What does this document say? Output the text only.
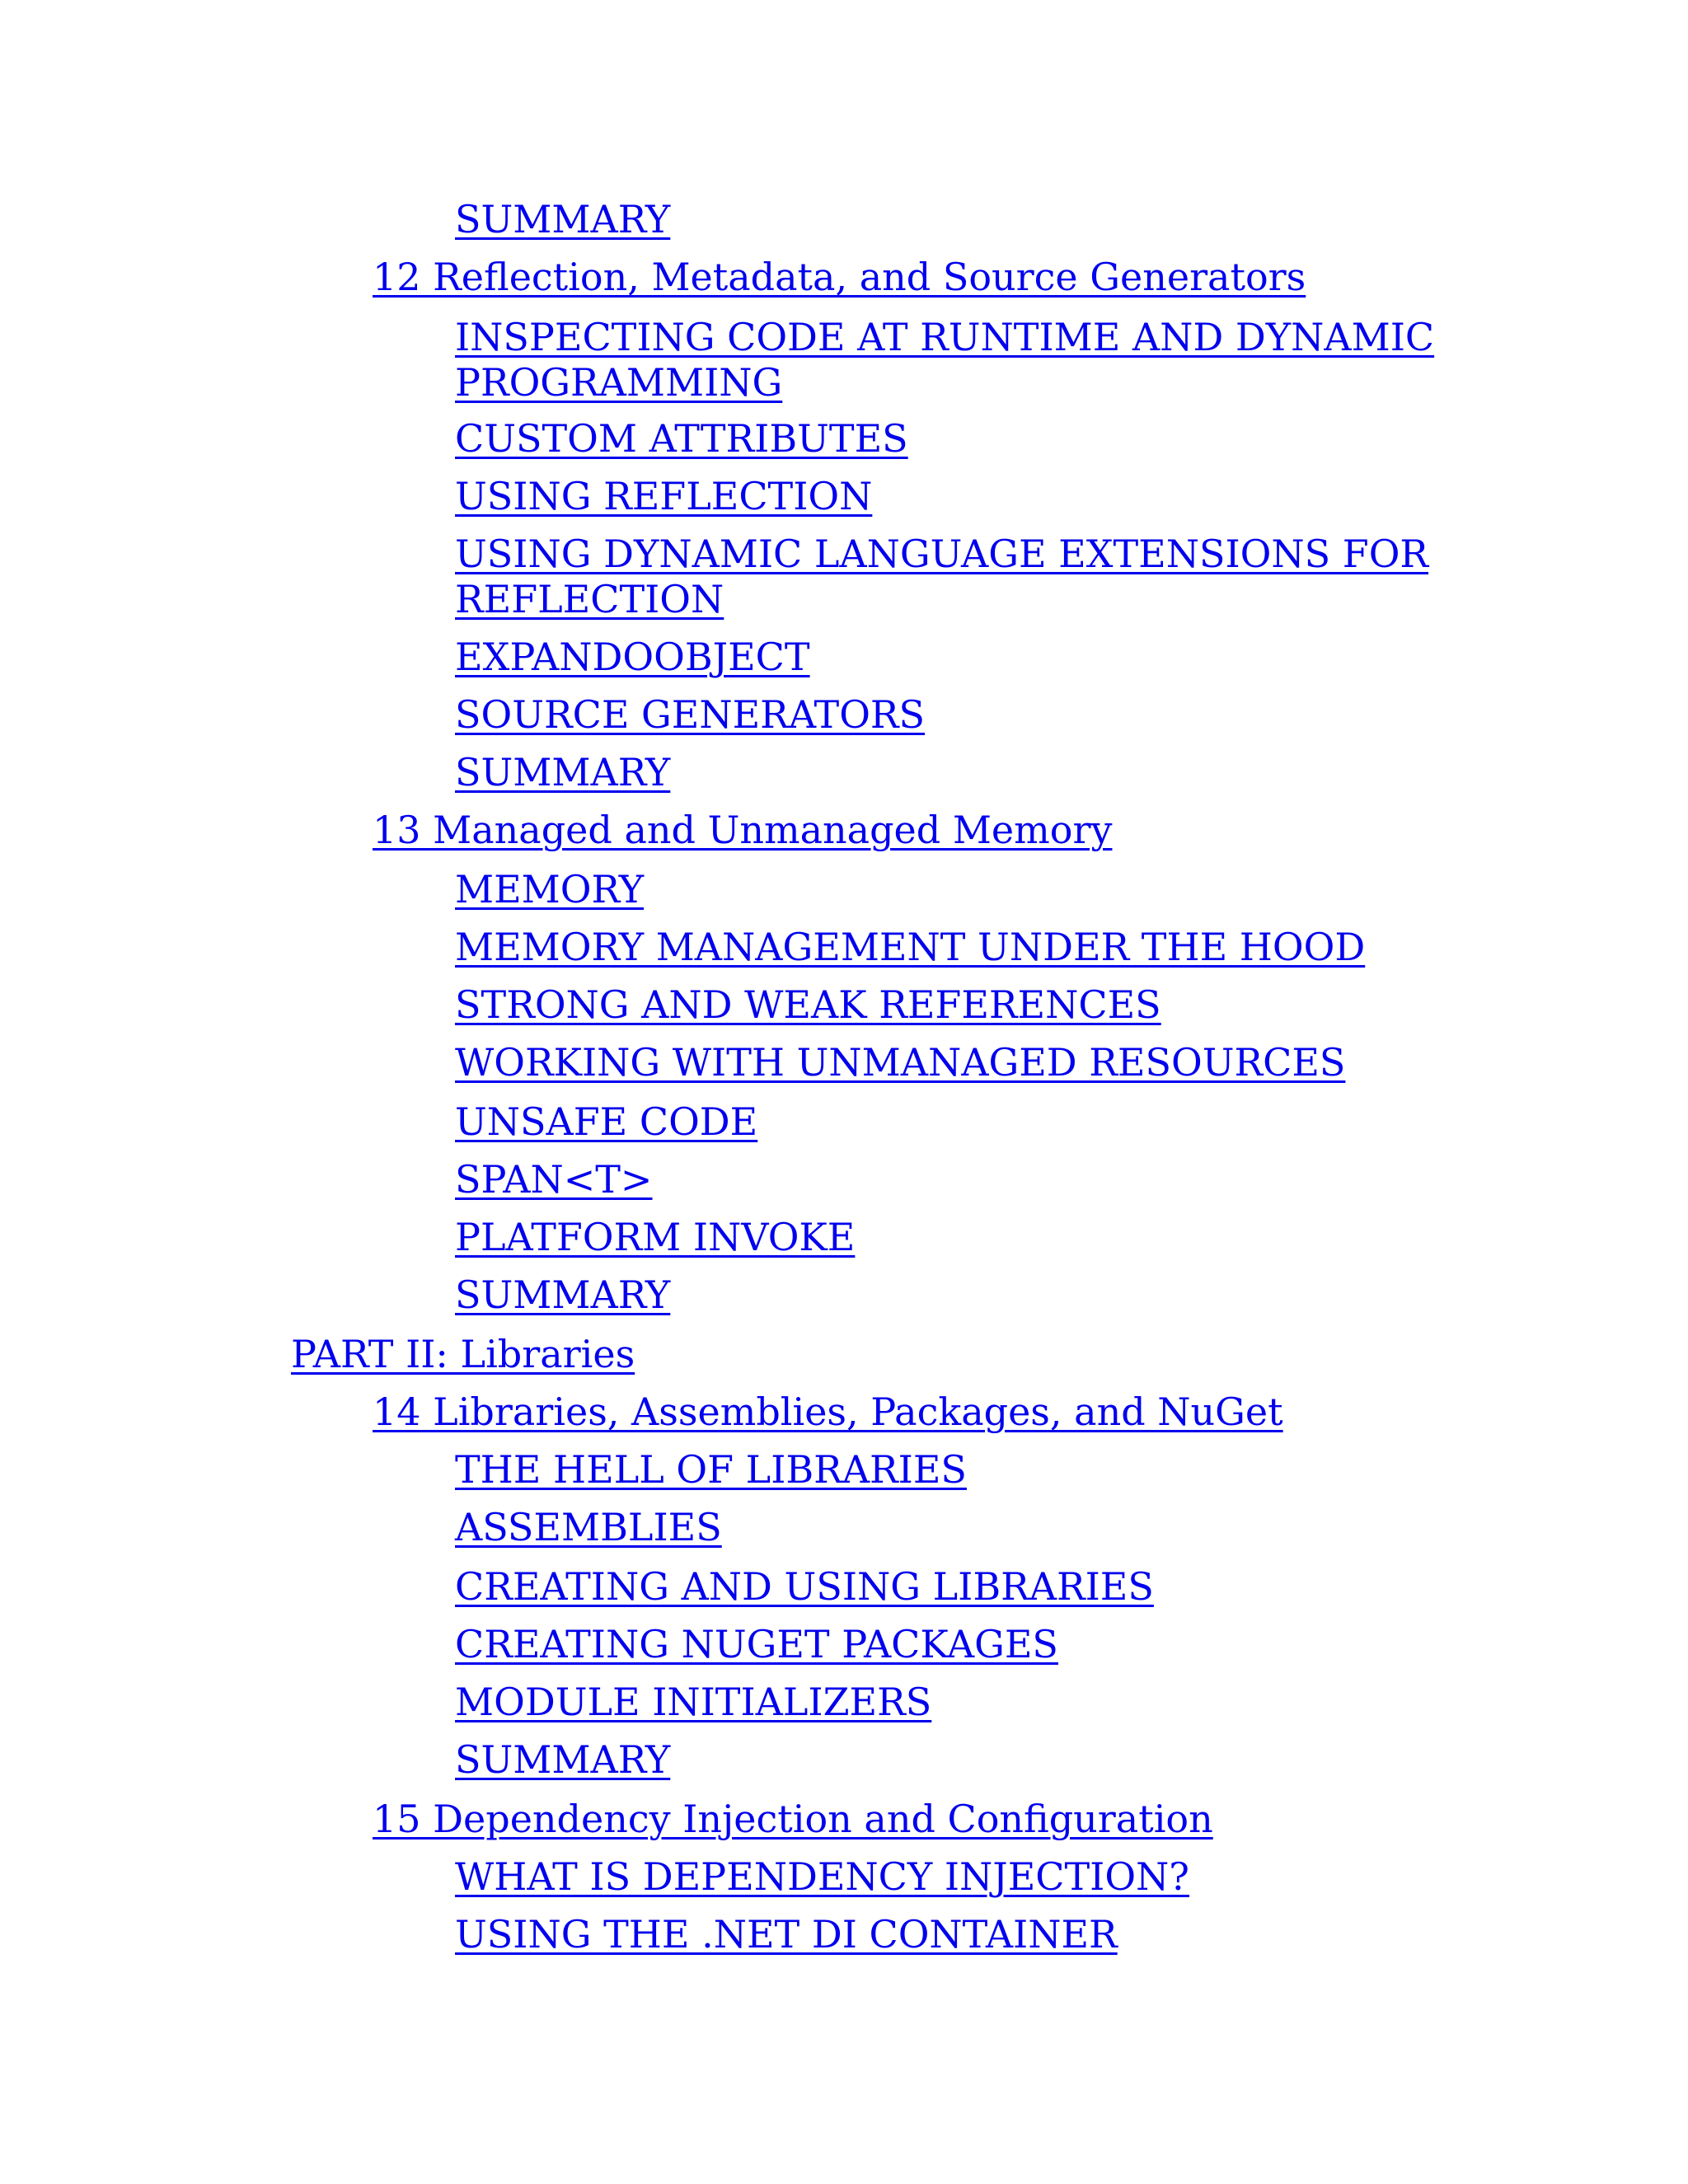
SUMMARY
12 Reflection, Metadata, and Source Generators
INSPECTING CODE AT RUNTIME AND DYNAMIC PROGRAMMING
CUSTOM ATTRIBUTES
USING REFLECTION
USING DYNAMIC LANGUAGE EXTENSIONS FOR REFLECTION
EXPANDOOBJECT
SOURCE GENERATORS
SUMMARY
13 Managed and Unmanaged Memory
MEMORY
MEMORY MANAGEMENT UNDER THE HOOD
STRONG AND WEAK REFERENCES
WORKING WITH UNMANAGED RESOURCES
UNSAFE CODE
SPAN<T>
PLATFORM INVOKE
SUMMARY
PART II: Libraries
14 Libraries, Assemblies, Packages, and NuGet
THE HELL OF LIBRARIES
ASSEMBLIES
CREATING AND USING LIBRARIES
CREATING NUGET PACKAGES
MODULE INITIALIZERS
SUMMARY
15 Dependency Injection and Configuration
WHAT IS DEPENDENCY INJECTION?
USING THE .NET DI CONTAINER
